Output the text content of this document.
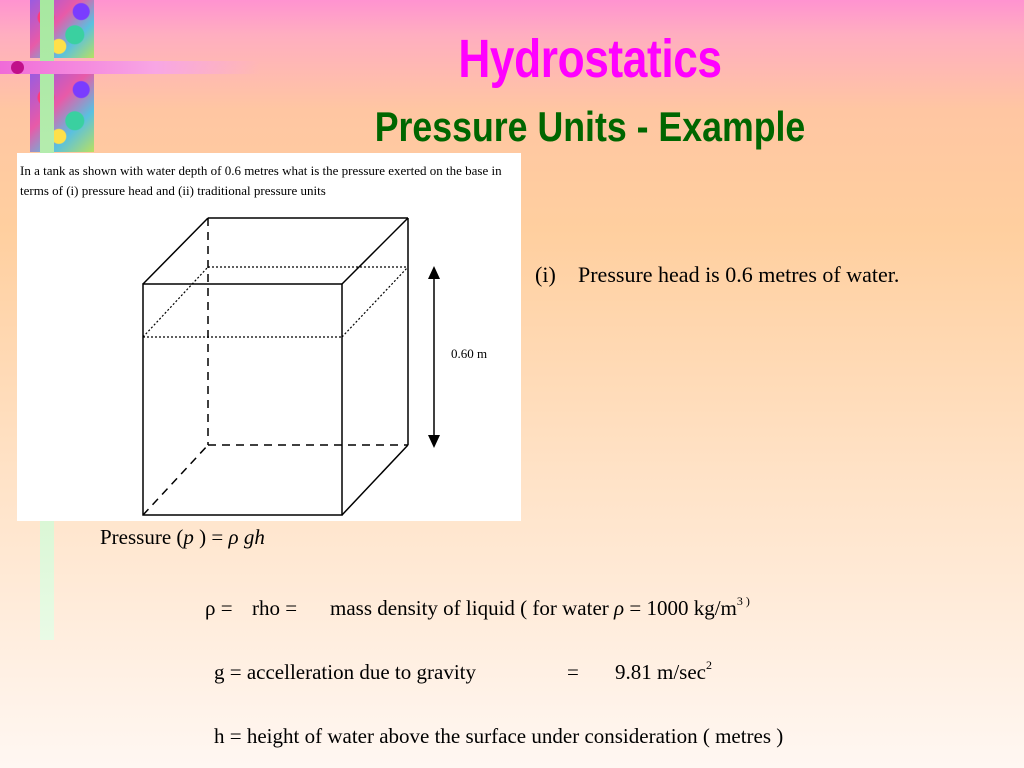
Hydrostatics
Pressure Units - Example
In a tank as shown with water depth of 0.6 metres what is the pressure exerted on the base in terms of (i) pressure head and (ii) traditional pressure units
0.60 m
(i) Pressure head is 0.6 metres of water.
Pressure (p ) = ρ gh
ρ = rho = mass density of liquid ( for water ρ = 1000 $kg/m^{3 )}$
g = accelleration due to gravity	= 9.81 $m/\sec^2$
h = height of water above the surface under consideration ( metres )
